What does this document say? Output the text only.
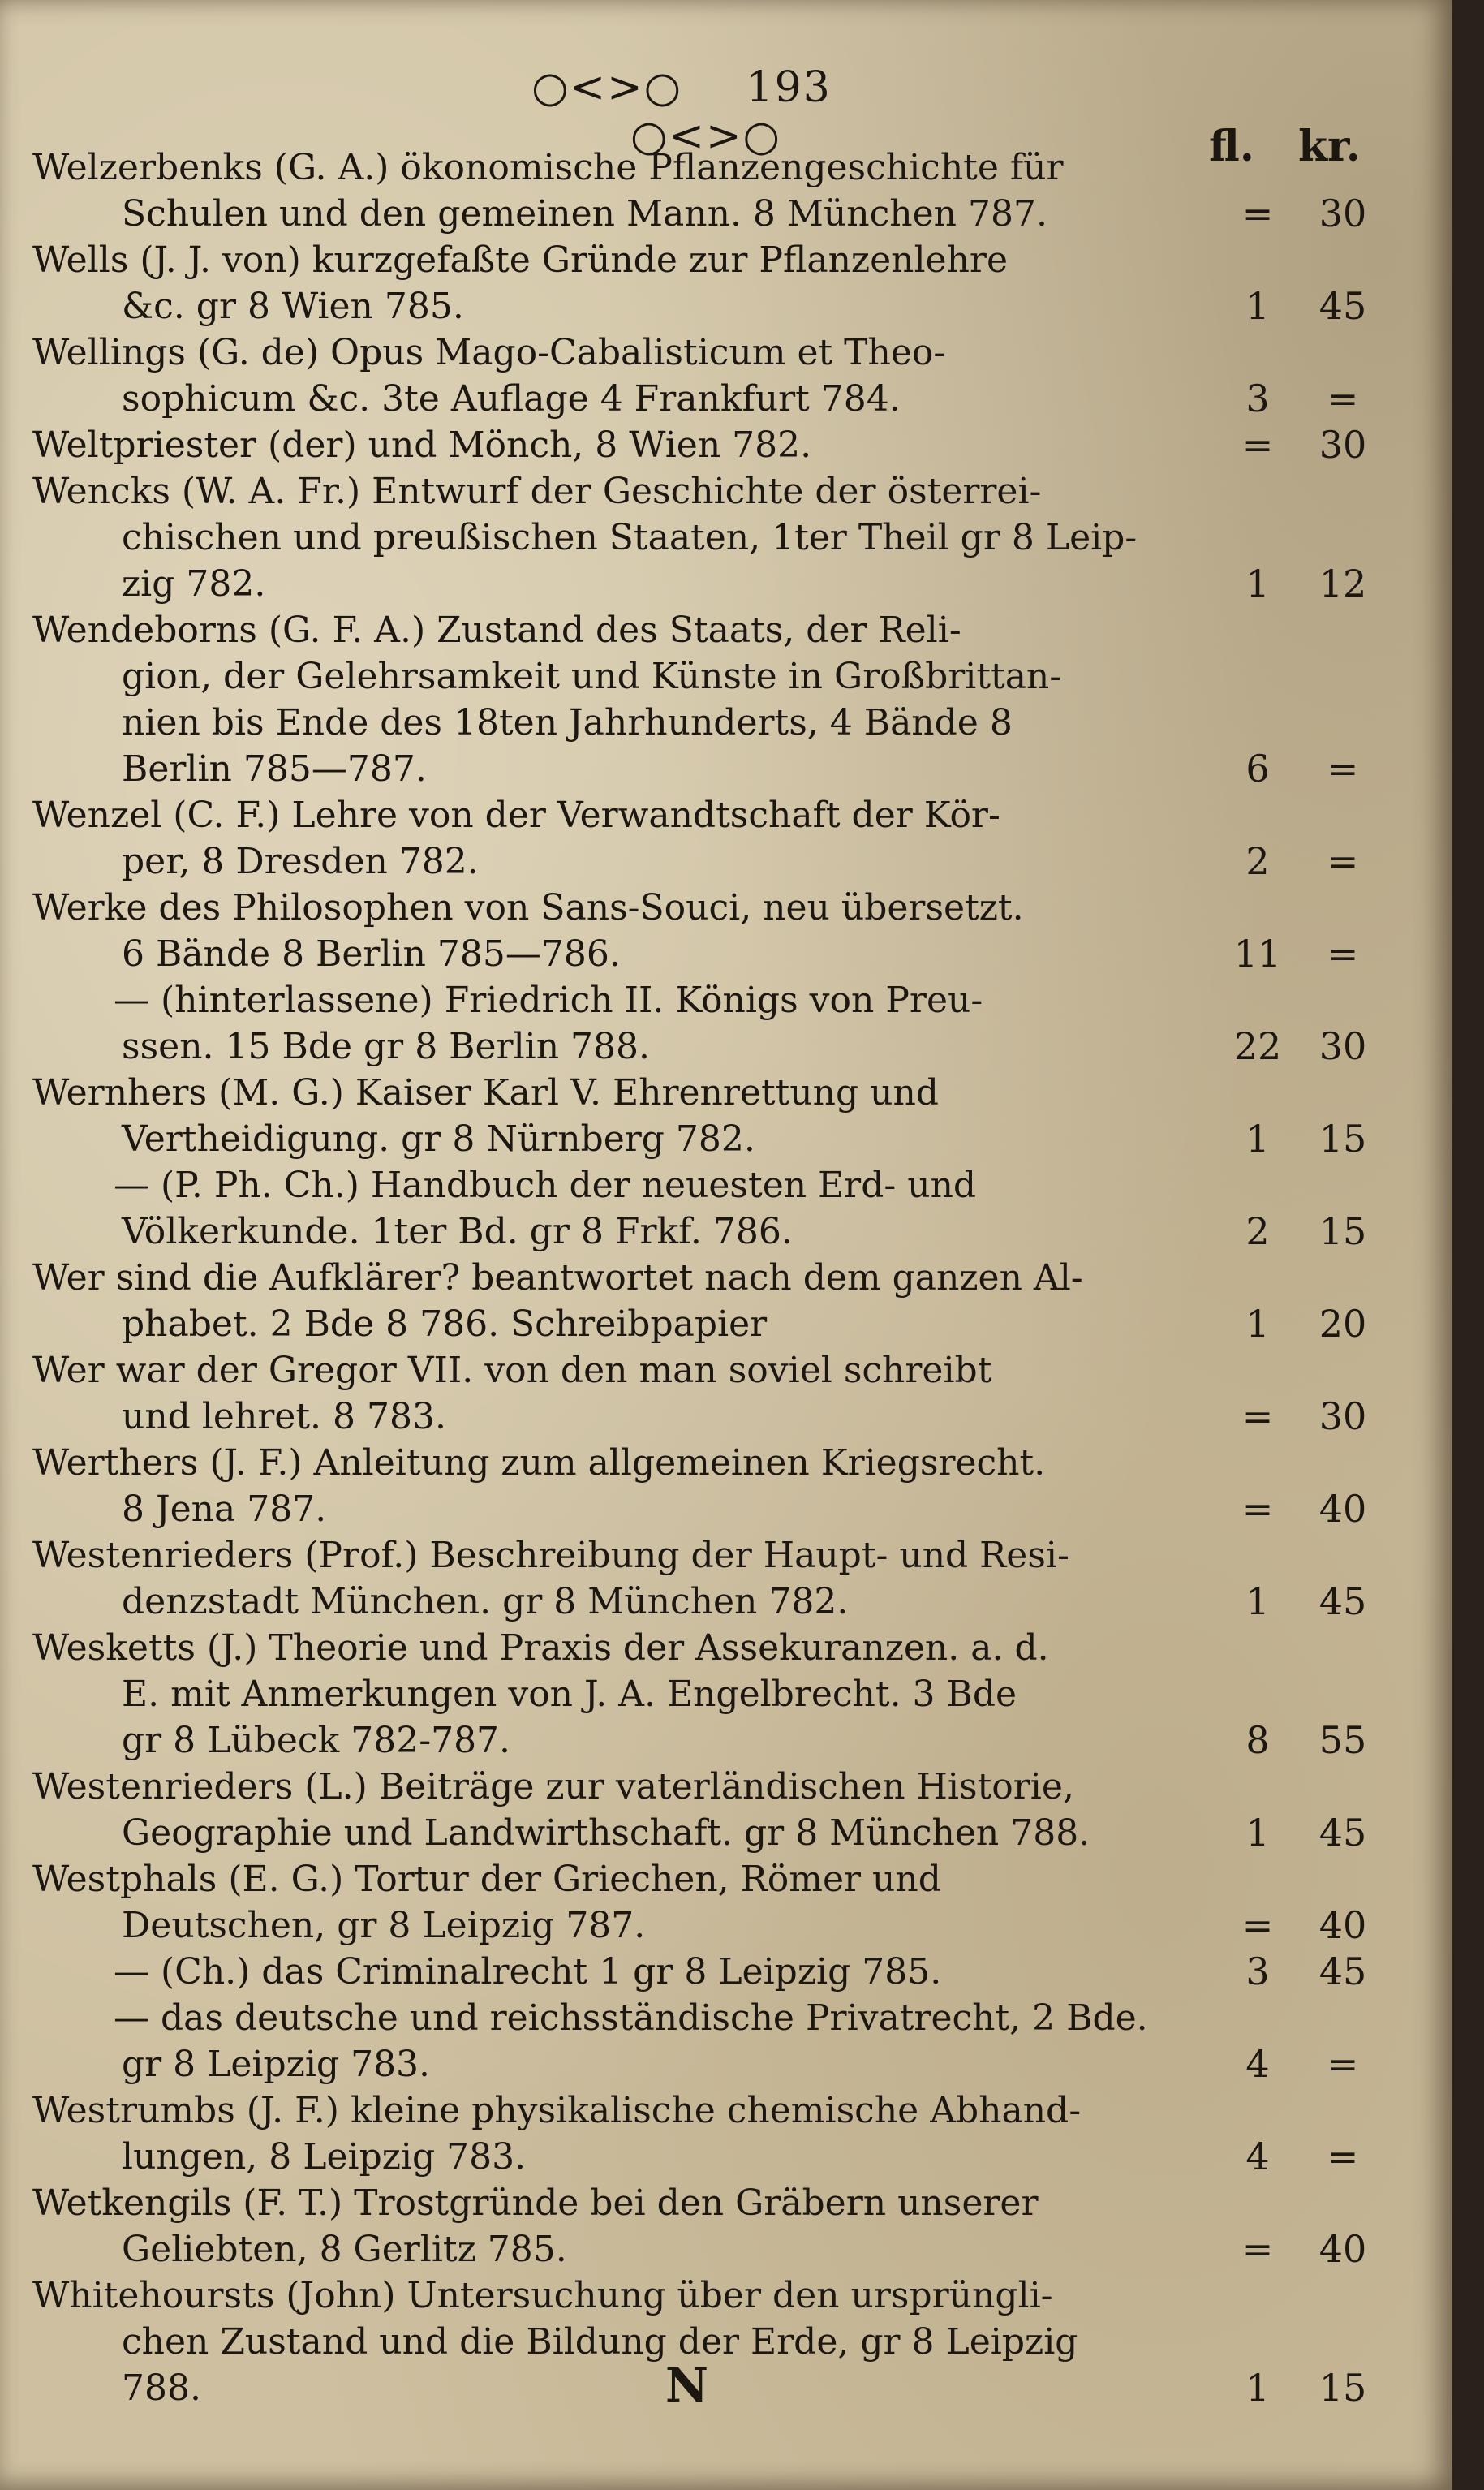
○<>○ 193 ○<>○	fl. kr.
Welzerbenks (G. A.) ökonomische Pflanzengeschichte für
Schulen und den gemeinen Mann. 8 München 787.	=	30
Wells (J. J. von) kurzgefaßte Gründe zur Pflanzenlehre
&c. gr 8 Wien 785.	1	45
Wellings (G. de) Opus Mago-Cabalisticum et Theo-
sophicum &c. 3te Auflage 4 Frankfurt 784.	3	=
Weltpriester (der) und Mönch, 8 Wien 782.	=	30
Wencks (W. A. Fr.) Entwurf der Geschichte der österrei-
chischen und preußischen Staaten, 1ter Theil gr 8 Leip-
zig 782.	1	12
Wendeborns (G. F. A.) Zustand des Staats, der Reli-
gion, der Gelehrsamkeit und Künste in Großbrittan-
nien bis Ende des 18ten Jahrhunderts, 4 Bände 8
Berlin 785—787.	6	=
Wenzel (C. F.) Lehre von der Verwandtschaft der Kör-
per, 8 Dresden 782.	2	=
Werke des Philosophen von Sans-Souci, neu übersetzt.
6 Bände 8 Berlin 785—786.	11	=
— (hinterlassene) Friedrich II. Königs von Preu-
ssen. 15 Bde gr 8 Berlin 788.	22	30
Wernhers (M. G.) Kaiser Karl V. Ehrenrettung und
Vertheidigung. gr 8 Nürnberg 782.	1	15
— (P. Ph. Ch.) Handbuch der neuesten Erd- und
Völkerkunde. 1ter Bd. gr 8 Frkf. 786.	2	15
Wer sind die Aufklärer? beantwortet nach dem ganzen Al-
phabet. 2 Bde 8 786. Schreibpapier	1	20
Wer war der Gregor VII. von den man soviel schreibt
und lehret. 8 783.	=	30
Werthers (J. F.) Anleitung zum allgemeinen Kriegsrecht.
8 Jena 787.	=	40
Westenrieders (Prof.) Beschreibung der Haupt- und Resi-
denzstadt München. gr 8 München 782.	1	45
Wesketts (J.) Theorie und Praxis der Assekuranzen. a. d.
E. mit Anmerkungen von J. A. Engelbrecht. 3 Bde
gr 8 Lübeck 782-787.	8	55
Westenrieders (L.) Beiträge zur vaterländischen Historie,
Geographie und Landwirthschaft. gr 8 München 788.	1	45
Westphals (E. G.) Tortur der Griechen, Römer und
Deutschen, gr 8 Leipzig 787.	=	40
— (Ch.) das Criminalrecht 1 gr 8 Leipzig 785.	3	45
— das deutsche und reichsständische Privatrecht, 2 Bde.
gr 8 Leipzig 783.	4	=
Westrumbs (J. F.) kleine physikalische chemische Abhand-
lungen, 8 Leipzig 783.	4	=
Wetkengils (F. T.) Trostgründe bei den Gräbern unserer
Geliebten, 8 Gerlitz 785.	=	40
Whitehoursts (John) Untersuchung über den ursprüngli-
chen Zustand und die Bildung der Erde, gr 8 Leipzig
788.	1	15
N
